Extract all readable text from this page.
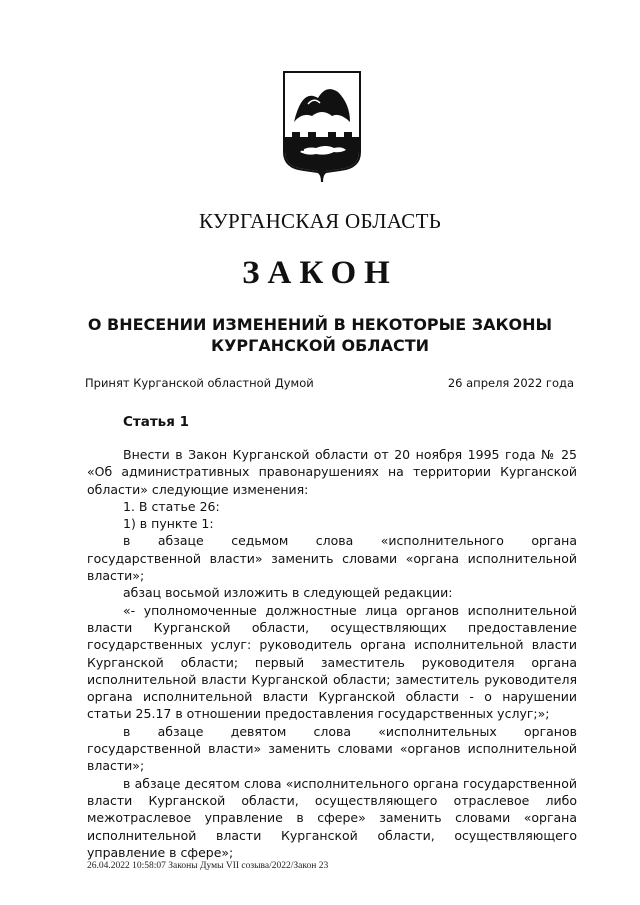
КУРГАНСКАЯ ОБЛАСТЬ
ЗАКОН
О ВНЕСЕНИИ ИЗМЕНЕНИЙ В НЕКОТОРЫЕ ЗАКОНЫ КУРГАНСКОЙ ОБЛАСТИ
Принят Курганской областной Думой	26 апреля 2022 года
Статья 1

Внести в Закон Курганской области от 20 ноября 1995 года № 25 «Об административных правонарушениях на территории Курганской области» следующие изменения:

1. В статье 26:

1) в пункте 1:

в абзаце седьмом слова «исполнительного органа государственной власти» заменить словами «органа исполнительной власти»;

абзац восьмой изложить в следующей редакции:

«- уполномоченные должностные лица органов исполнительной власти Курганской области, осуществляющих предоставление государственных услуг: руководитель органа исполнительной власти Курганской области; первый заместитель руководителя органа исполнительной власти Курганской области; заместитель руководителя органа исполнительной власти Курганской области - о нарушении статьи 25.17 в отношении предоставления государственных услуг;»;

в абзаце девятом слова «исполнительных органов государственной власти» заменить словами «органов исполнительной власти»;

в абзаце десятом слова «исполнительного органа государственной власти Курганской области, осуществляющего отраслевое либо межотраслевое управление в сфере» заменить словами «органа исполнительной власти Курганской области, осуществляющего управление в сфере»;

26.04.2022 10:58:07 Законы Думы VII созыва/2022/Закон 23
